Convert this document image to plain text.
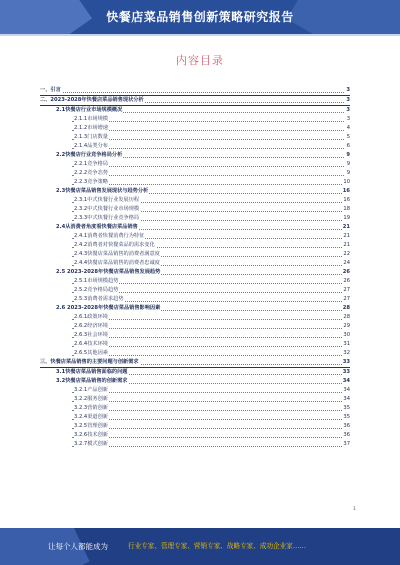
快餐店菜品销售创新策略研究报告
内容目录
一、引言	3
二、2023-2028年快餐店菜品销售现状分析	3
2.1快餐店行业市场规模概况	3
2.1.1市场规模	3
2.1.2市场增速	4
2.1.3门店数量	5
2.1.4品类分布	6
2.2快餐店行业竞争格局分析	9
2.2.1竞争格局	9
2.2.2竞争态势	9
2.2.3竞争策略	10
2.3快餐店菜品销售发展现状与趋势分析	16
2.3.1中式快餐行业发展历程	16
2.3.2中式快餐行业市场规模	18
2.3.3中式快餐行业竞争格局	19
2.4从消费者角度看快餐店菜品销售	21
2.4.1消费者快餐消费行为特征	21
2.4.2消费者对快餐菜品的需求变化	21
2.4.3快餐店菜品销售的消费者满意度	22
2.4.4快餐店菜品销售的消费者忠诚度	24
2.5 2023-2028年快餐店菜品销售发展趋势	26
2.5.1市场规模趋势	26
2.5.2竞争格局趋势	27
2.5.3消费者需求趋势	27
2.6 2023-2028年快餐店菜品销售影响因素	28
2.6.1政策环境	28
2.6.2经济环境	29
2.6.3社会环境	30
2.6.4技术环境	31
2.6.5其他因素	32
三、快餐店菜品销售的主要问题与创新需求	33
3.1快餐店菜品销售面临的问题	33
3.2快餐店菜品销售的创新需求	34
3.2.1产品创新	34
3.2.2服务创新	34
3.2.3营销创新	35
3.2.4渠道创新	35
3.2.5管理创新	36
3.2.6技术创新	36
3.2.7模式创新	37
1
让每个人都能成为	行业专家、管理专家、营销专家、战略专家、成功企业家……
